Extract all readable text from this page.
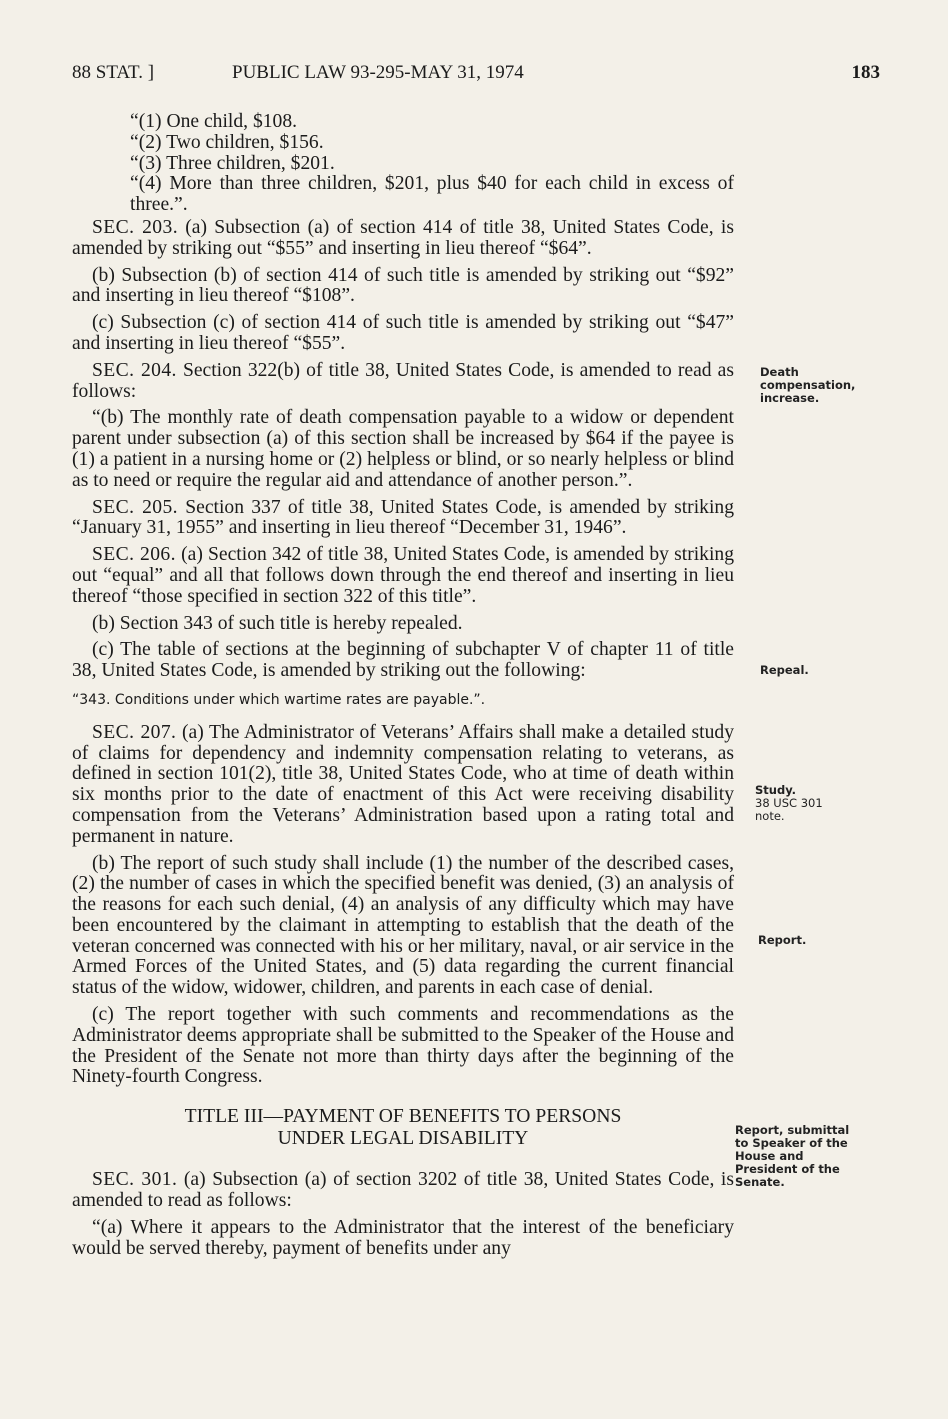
88 STAT. ]	PUBLIC LAW 93-295-MAY 31, 1974	183

“(1) One child, $108.

“(2) Two children, $156.

“(3) Three children, $201.

“(4) More than three children, $201, plus $40 for each child in excess of three.”.

SEC. 203. (a) Subsection (a) of section 414 of title 38, United States Code, is amended by striking out “$55” and inserting in lieu thereof “$64”.

(b) Subsection (b) of section 414 of such title is amended by striking out “$92” and inserting in lieu thereof “$108”.

(c) Subsection (c) of section 414 of such title is amended by striking out “$47” and inserting in lieu thereof “$55”.

SEC. 204. Section 322(b) of title 38, United States Code, is amended to read as follows:

“(b) The monthly rate of death compensation payable to a widow or dependent parent under subsection (a) of this section shall be increased by $64 if the payee is (1) a patient in a nursing home or (2) helpless or blind, or so nearly helpless or blind as to need or require the regular aid and attendance of another person.”.

SEC. 205. Section 337 of title 38, United States Code, is amended by striking “January 31, 1955” and inserting in lieu thereof “December 31, 1946”.

SEC. 206. (a) Section 342 of title 38, United States Code, is amended by striking out “equal” and all that follows down through the end thereof and inserting in lieu thereof “those specified in section 322 of this title”.

(b) Section 343 of such title is hereby repealed.

(c) The table of sections at the beginning of subchapter V of chapter 11 of title 38, United States Code, is amended by striking out the following:

“343. Conditions under which wartime rates are payable.”.

SEC. 207. (a) The Administrator of Veterans’ Affairs shall make a detailed study of claims for dependency and indemnity compensation relating to veterans, as defined in section 101(2), title 38, United States Code, who at time of death within six months prior to the date of enactment of this Act were receiving disability compensation from the Veterans’ Administration based upon a rating total and permanent in nature.

(b) The report of such study shall include (1) the number of the described cases, (2) the number of cases in which the specified benefit was denied, (3) an analysis of the reasons for each such denial, (4) an analysis of any difficulty which may have been encountered by the claimant in attempting to establish that the death of the veteran concerned was connected with his or her military, naval, or air service in the Armed Forces of the United States, and (5) data regarding the current financial status of the widow, widower, children, and parents in each case of denial.

(c) The report together with such comments and recommendations as the Administrator deems appropriate shall be submitted to the Speaker of the House and the President of the Senate not more than thirty days after the beginning of the Ninety-fourth Congress.

TITLE III—PAYMENT OF BENEFITS TO PERSONS
UNDER LEGAL DISABILITY

SEC. 301. (a) Subsection (a) of section 3202 of title 38, United States Code, is amended to read as follows:

“(a) Where it appears to the Administrator that the interest of the beneficiary would be served thereby, payment of benefits under any

Death compensation, increase.
Repeal.
Study.
38 USC 301 note.
Report.
Report, submittal to Speaker of the House and President of the Senate.
